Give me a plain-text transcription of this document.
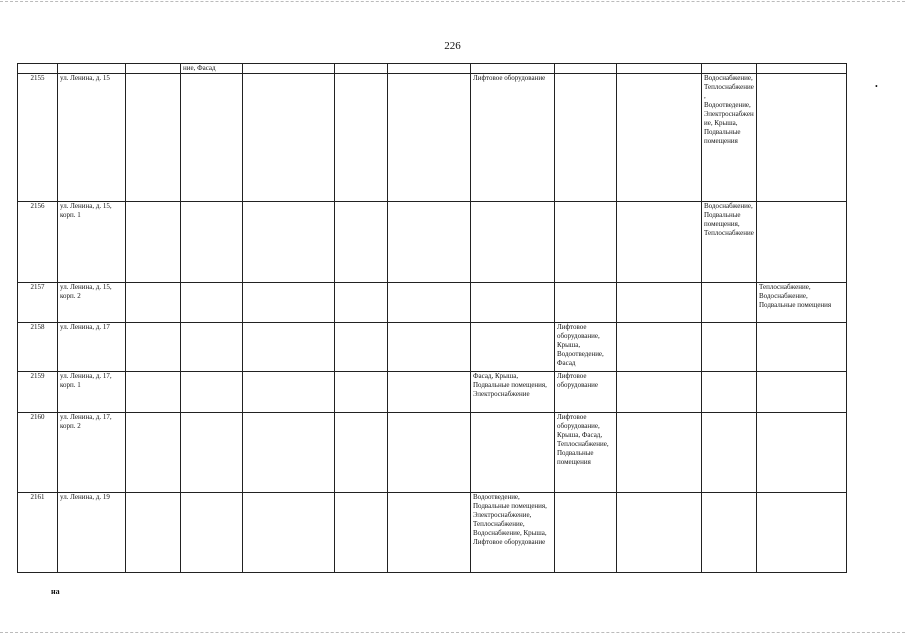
226
•
			ние, Фасад								
2155	ул. Ленина, д. 15						Лифтовое оборудование			Водоснабжение, Теплоснабжение, Водоотведение, Электроснабжение, Крыша, Подвальные помещения	
2156	ул. Ленина, д. 15, корп. 1									Водоснабжение, Подвальные помещения, Теплоснабжение	
2157	ул. Ленина, д. 15, корп. 2										Теплоснабжение, Водоснабжение, Подвальные помещения
2158	ул. Ленина, д. 17							Лифтовое оборудование, Крыша, Водоотведение, Фасад			
2159	ул. Ленина, д. 17, корп. 1						Фасад, Крыша, Подвальные помещения, Электроснабжение	Лифтовое оборудование			
2160	ул. Ленина, д. 17, корп. 2							Лифтовое оборудование, Крыша, Фасад, Теплоснабжение, Подвальные помещения			
2161	ул. Ленина, д. 19						Водоотведение, Подвальные помещения, Электроснабжение, Теплоснабжение, Водоснабжение, Крыша, Лифтовое оборудование				
на
